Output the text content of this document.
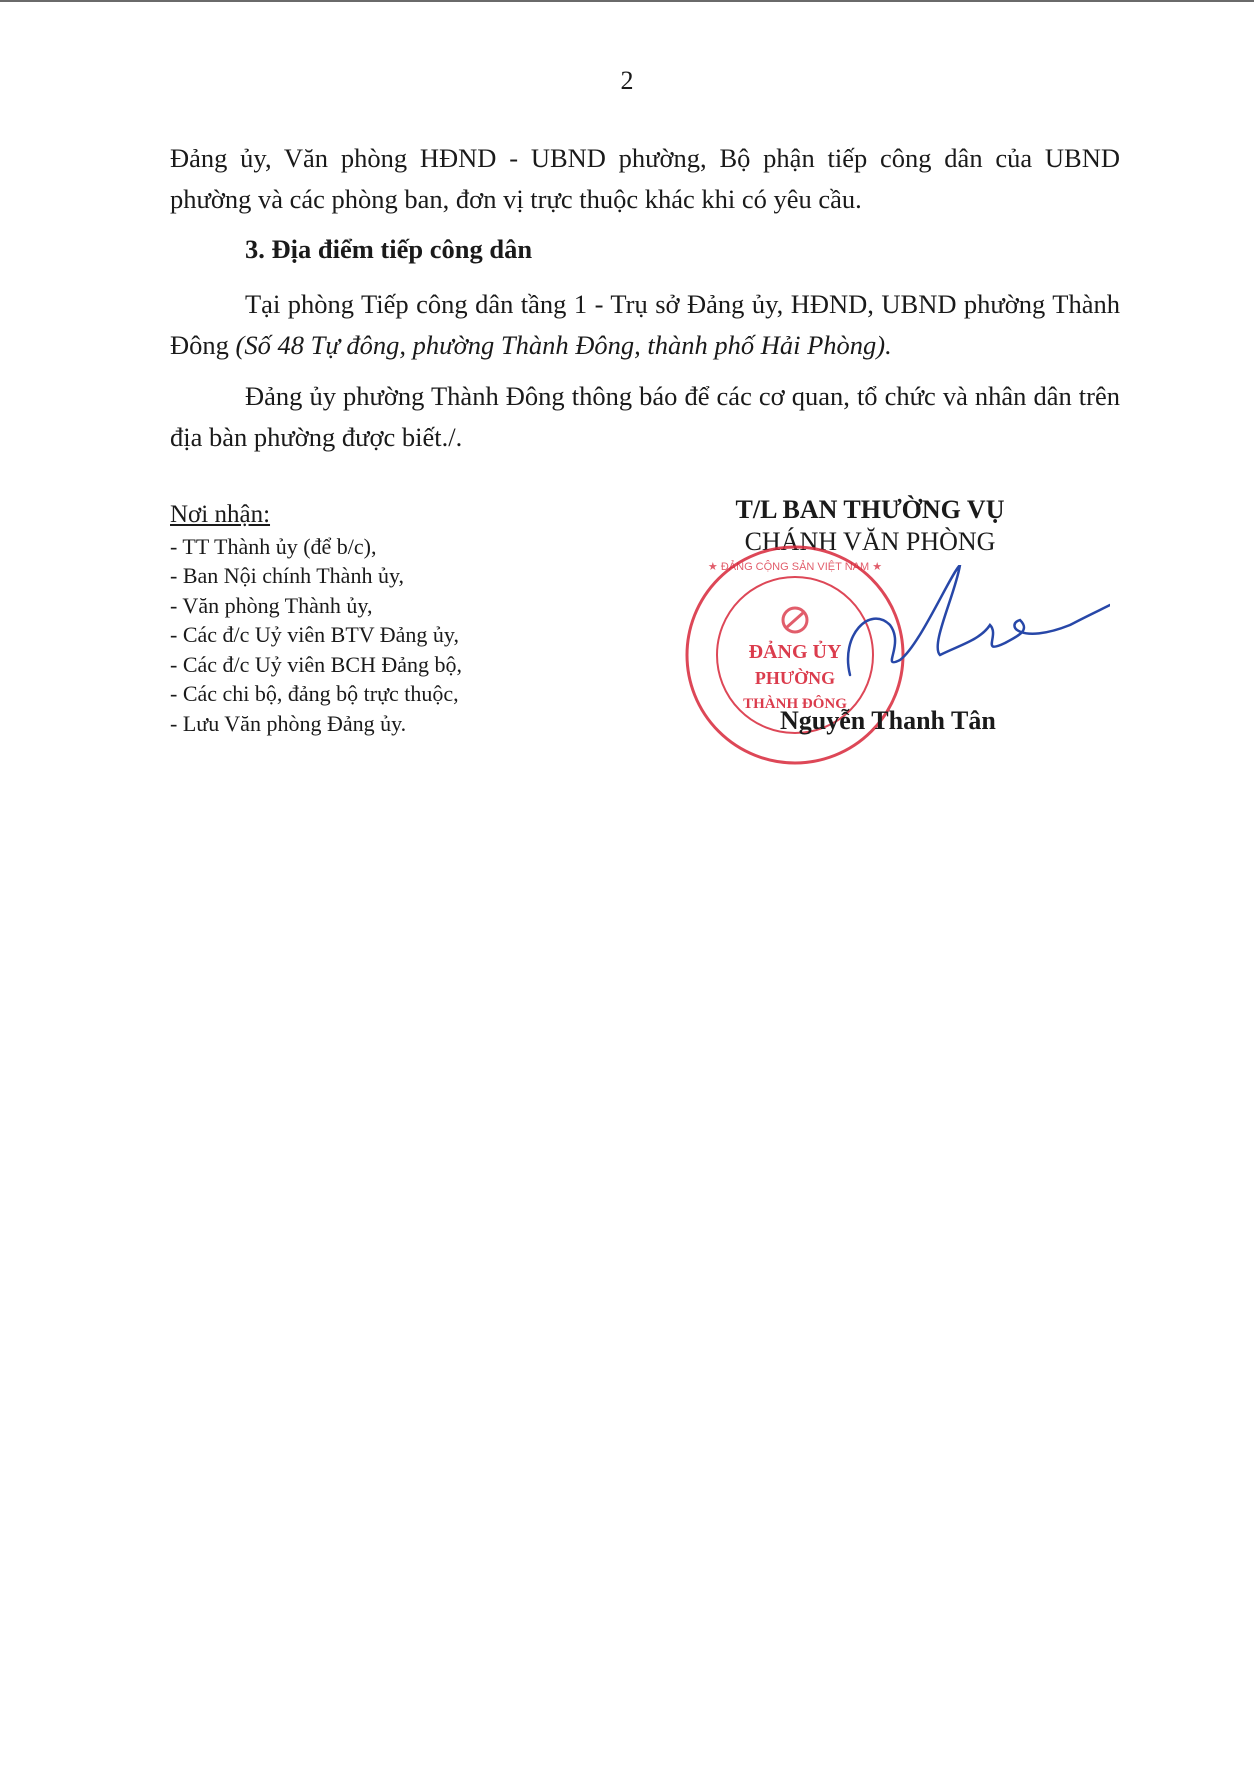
2
Đảng ủy, Văn phòng HĐND - UBND phường, Bộ phận tiếp công dân của UBND phường và các phòng ban, đơn vị trực thuộc khác khi có yêu cầu.
3. Địa điểm tiếp công dân
Tại phòng Tiếp công dân tầng 1 - Trụ sở Đảng ủy, HĐND, UBND phường Thành Đông (Số 48 Tự đông, phường Thành Đông, thành phố Hải Phòng).
Đảng ủy phường Thành Đông thông báo để các cơ quan, tổ chức và nhân dân trên địa bàn phường được biết./.
Nơi nhận:
- TT Thành ủy (để b/c),
- Ban Nội chính Thành ủy,
- Văn phòng Thành ủy,
- Các đ/c Uỷ viên BTV Đảng ủy,
- Các đ/c Uỷ viên BCH Đảng bộ,
- Các chi bộ, đảng bộ trực thuộc,
- Lưu Văn phòng Đảng ủy.
T/L BAN THƯỜNG VỤ
CHÁNH VĂN PHÒNG
★ ĐẢNG CỘNG SẢN VIỆT NAM ★
ĐẢNG ỦY
PHƯỜNG
THÀNH ĐÔNG
Nguyễn Thanh Tân
